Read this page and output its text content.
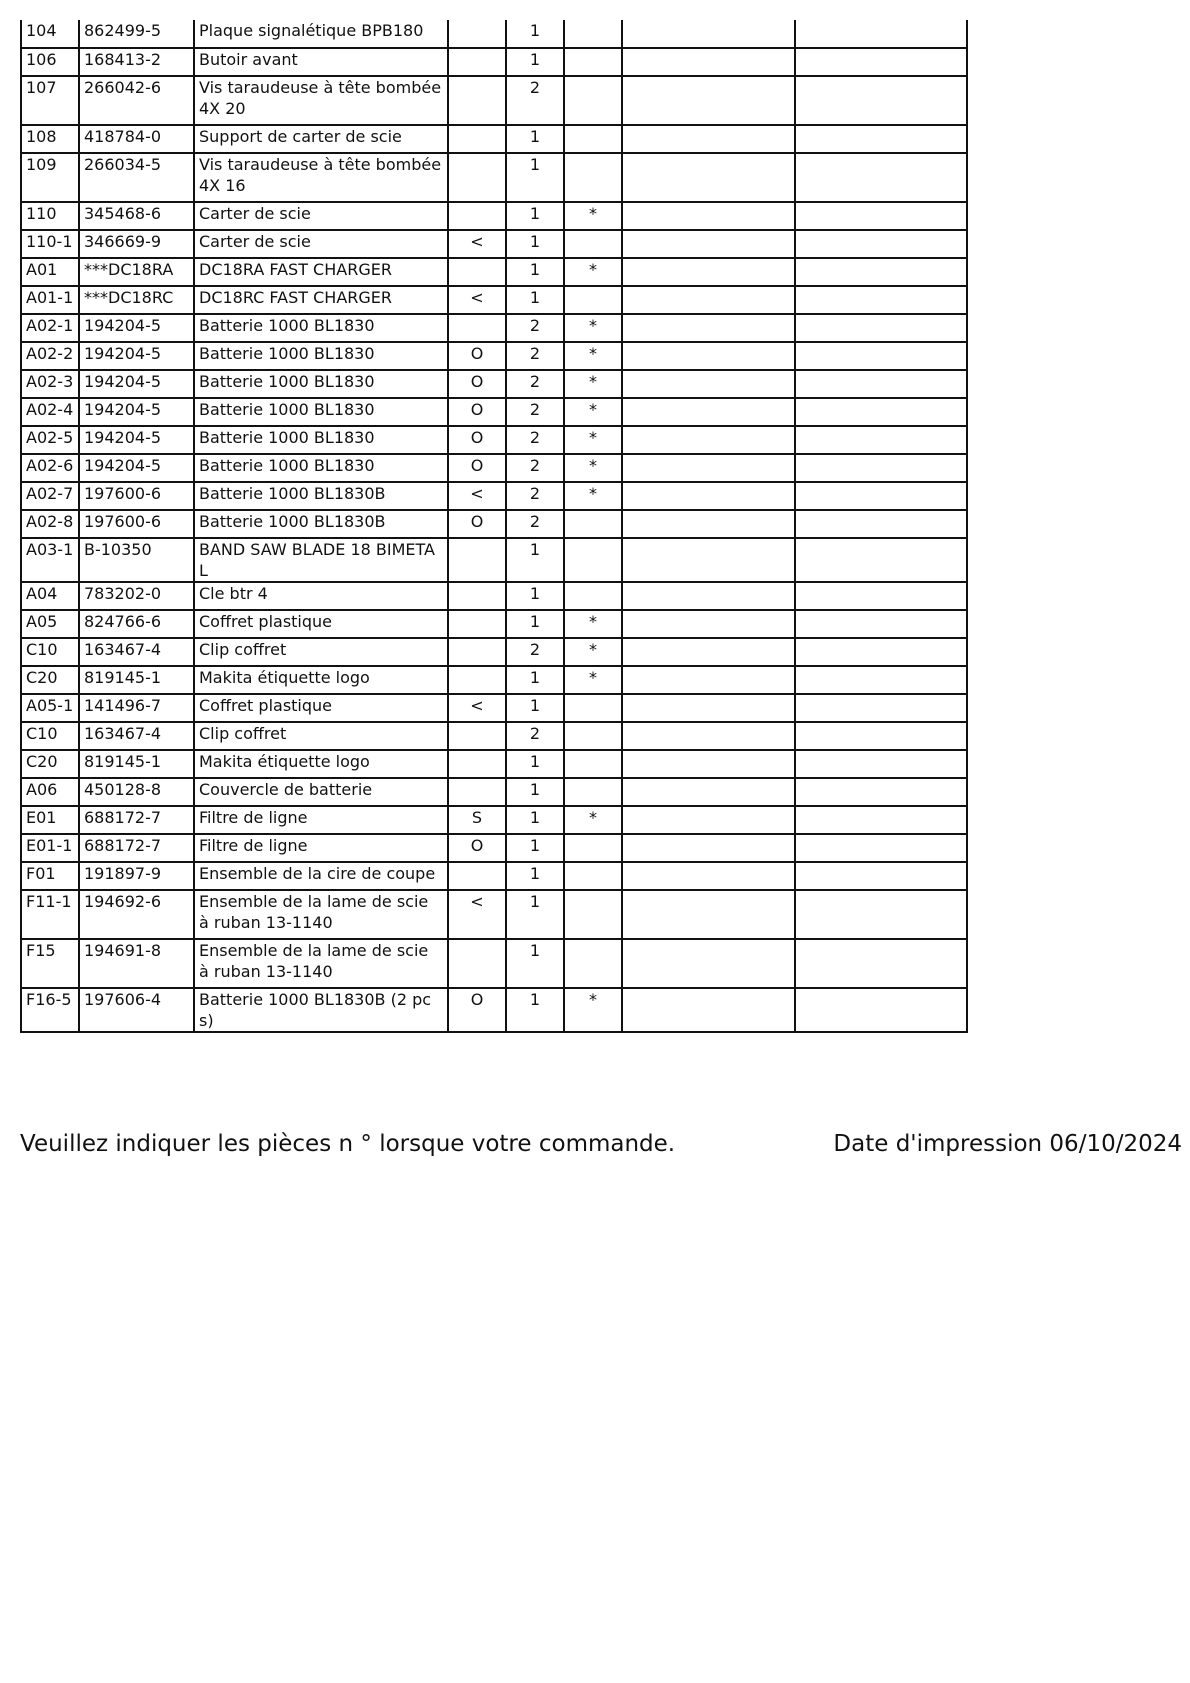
104	862499-5	Plaque signalétique BPB180		1			
106	168413-2	Butoir avant		1			
107	266042-6	Vis taraudeuse à tête bombée 4X 20		2			
108	418784-0	Support de carter de scie		1			
109	266034-5	Vis taraudeuse à tête bombée 4X 16		1			
110	345468-6	Carter de scie		1	*		
110-1	346669-9	Carter de scie	<	1			
A01	***DC18RA	DC18RA FAST CHARGER		1	*		
A01-1	***DC18RC	DC18RC FAST CHARGER	<	1			
A02-1	194204-5	Batterie 1000 BL1830		2	*		
A02-2	194204-5	Batterie 1000 BL1830	O	2	*		
A02-3	194204-5	Batterie 1000 BL1830	O	2	*		
A02-4	194204-5	Batterie 1000 BL1830	O	2	*		
A02-5	194204-5	Batterie 1000 BL1830	O	2	*		
A02-6	194204-5	Batterie 1000 BL1830	O	2	*		
A02-7	197600-6	Batterie 1000 BL1830B	<	2	*		
A02-8	197600-6	Batterie 1000 BL1830B	O	2			
A03-1	B-10350	BAND SAW BLADE 18 BIMETAL		1			
A04	783202-0	Cle btr 4		1			
A05	824766-6	Coffret plastique		1	*		
C10	163467-4	Clip coffret		2	*		
C20	819145-1	Makita étiquette logo		1	*		
A05-1	141496-7	Coffret plastique	<	1			
C10	163467-4	Clip coffret		2			
C20	819145-1	Makita étiquette logo		1			
A06	450128-8	Couvercle de batterie		1			
E01	688172-7	Filtre de ligne	S	1	*		
E01-1	688172-7	Filtre de ligne	O	1			
F01	191897-9	Ensemble de la cire de coupe		1			
F11-1	194692-6	Ensemble de la lame de scie à ruban 13-1140	<	1			
F15	194691-8	Ensemble de la lame de scie à ruban 13-1140		1			
F16-5	197606-4	Batterie 1000 BL1830B (2 pcs)	O	1	*		
Veuillez indiquer les pièces n ° lorsque votre commande.	Date d'impression 06/10/2024
